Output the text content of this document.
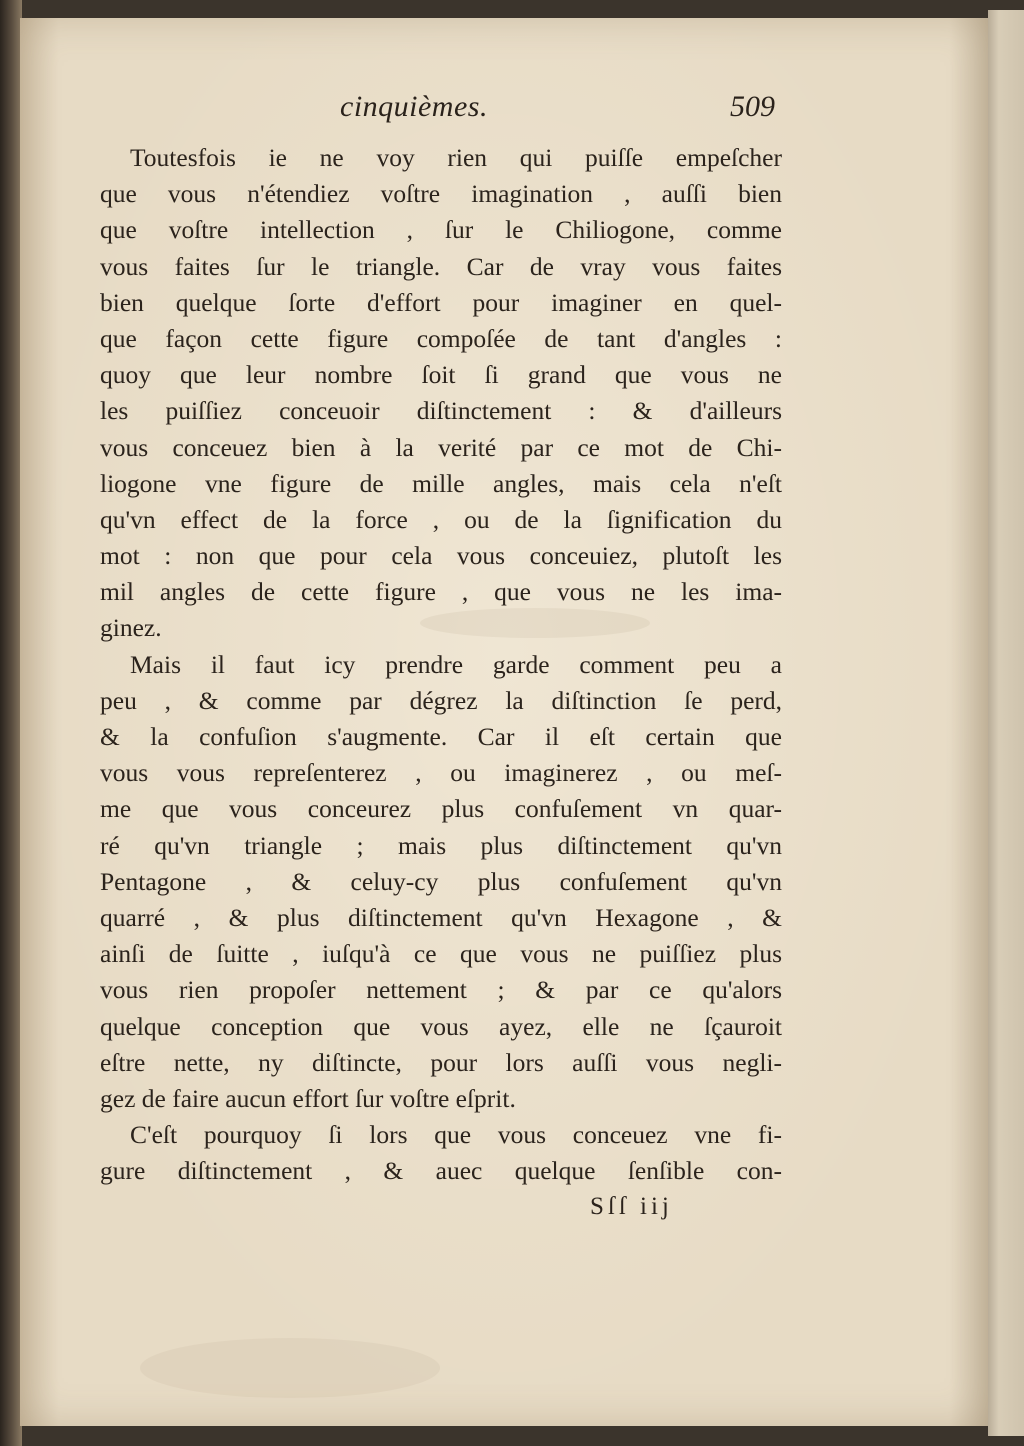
cinquièmes.	509
Toutesfois ie ne voy rien qui puiſſe empeſcher
que vous n'étendiez voſtre imagination , auſſi bien
que voſtre intellection , ſur le Chiliogone, comme
vous faites ſur le triangle. Car de vray vous faites
bien quelque ſorte d'effort pour imaginer en quel-
que façon cette figure compoſée de tant d'angles :
quoy que leur nombre ſoit ſi grand que vous ne
les puiſſiez conceuoir diſtinctement : & d'ailleurs
vous conceuez bien à la verité par ce mot de Chi-
liogone vne figure de mille angles, mais cela n'eſt
qu'vn effect de la force , ou de la ſignification du
mot : non que pour cela vous conceuiez, plutoſt les
mil angles de cette figure , que vous ne les ima-
ginez.
Mais il faut icy prendre garde comment peu a
peu , & comme par dégrez la diſtinction ſe perd,
& la confuſion s'augmente. Car il eſt certain que
vous vous repreſenterez , ou imaginerez , ou meſ-
me que vous conceurez plus confuſement vn quar-
ré qu'vn triangle ; mais plus diſtinctement qu'vn
Pentagone , & celuy-cy plus confuſement qu'vn
quarré , & plus diſtinctement qu'vn Hexagone , &
ainſi de ſuitte , iuſqu'à ce que vous ne puiſſiez plus
vous rien propoſer nettement ; & par ce qu'alors
quelque conception que vous ayez, elle ne ſçauroit
eſtre nette, ny diſtincte, pour lors auſſi vous negli-
gez de faire aucun effort ſur voſtre eſprit.
C'eſt pourquoy ſi lors que vous conceuez vne fi-
gure diſtinctement , & auec quelque ſenſible con-
Sſſ iij
